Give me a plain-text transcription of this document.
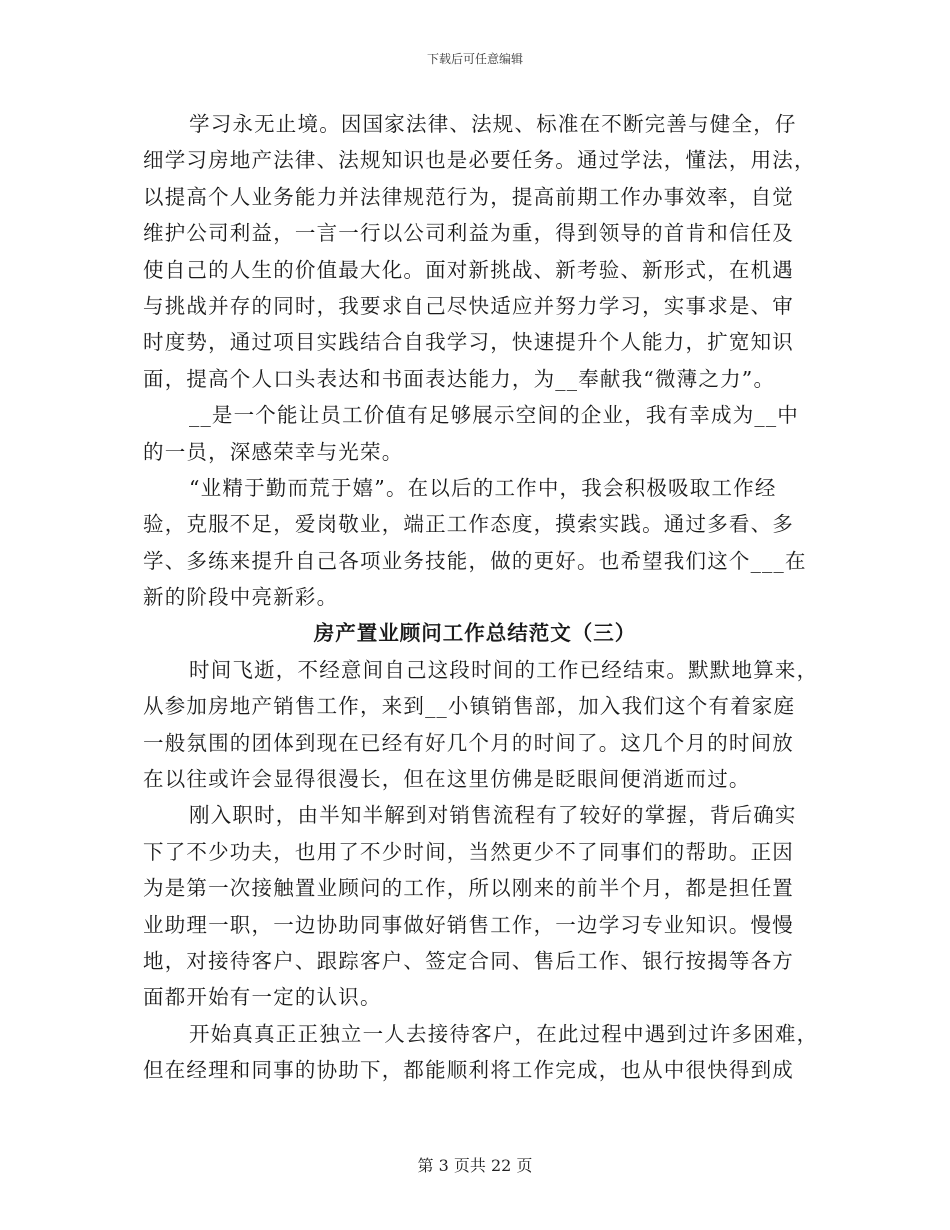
下载后可任意编辑
学习永无止境。因国家法律、法规、标准在不断完善与健全，仔
细学习房地产法律、法规知识也是必要任务。通过学法，懂法，用法，
以提高个人业务能力并法律规范行为，提高前期工作办事效率，自觉
维护公司利益，一言一行以公司利益为重，得到领导的首肯和信任及
使自己的人生的价值最大化。面对新挑战、新考验、新形式，在机遇
与挑战并存的同时，我要求自己尽快适应并努力学习，实事求是、审
时度势，通过项目实践结合自我学习，快速提升个人能力，扩宽知识
面，提高个人口头表达和书面表达能力，为__奉献我“微薄之力”。
__是一个能让员工价值有足够展示空间的企业，我有幸成为__中
的一员，深感荣幸与光荣。
“业精于勤而荒于嬉”。在以后的工作中，我会积极吸取工作经
验，克服不足，爱岗敬业，端正工作态度，摸索实践。通过多看、多
学、多练来提升自己各项业务技能，做的更好。也希望我们这个___在
新的阶段中亮新彩。
房产置业顾问工作总结范文（三）
时间飞逝，不经意间自己这段时间的工作已经结束。默默地算来，
从参加房地产销售工作，来到__小镇销售部，加入我们这个有着家庭
一般氛围的团体到现在已经有好几个月的时间了。这几个月的时间放
在以往或许会显得很漫长，但在这里仿佛是眨眼间便消逝而过。
刚入职时，由半知半解到对销售流程有了较好的掌握，背后确实
下了不少功夫，也用了不少时间，当然更少不了同事们的帮助。正因
为是第一次接触置业顾问的工作，所以刚来的前半个月，都是担任置
业助理一职，一边协助同事做好销售工作，一边学习专业知识。慢慢
地，对接待客户、跟踪客户、签定合同、售后工作、银行按揭等各方
面都开始有一定的认识。
开始真真正正独立一人去接待客户，在此过程中遇到过许多困难，
但在经理和同事的协助下，都能顺利将工作完成，也从中很快得到成
第 3 页共 22 页
